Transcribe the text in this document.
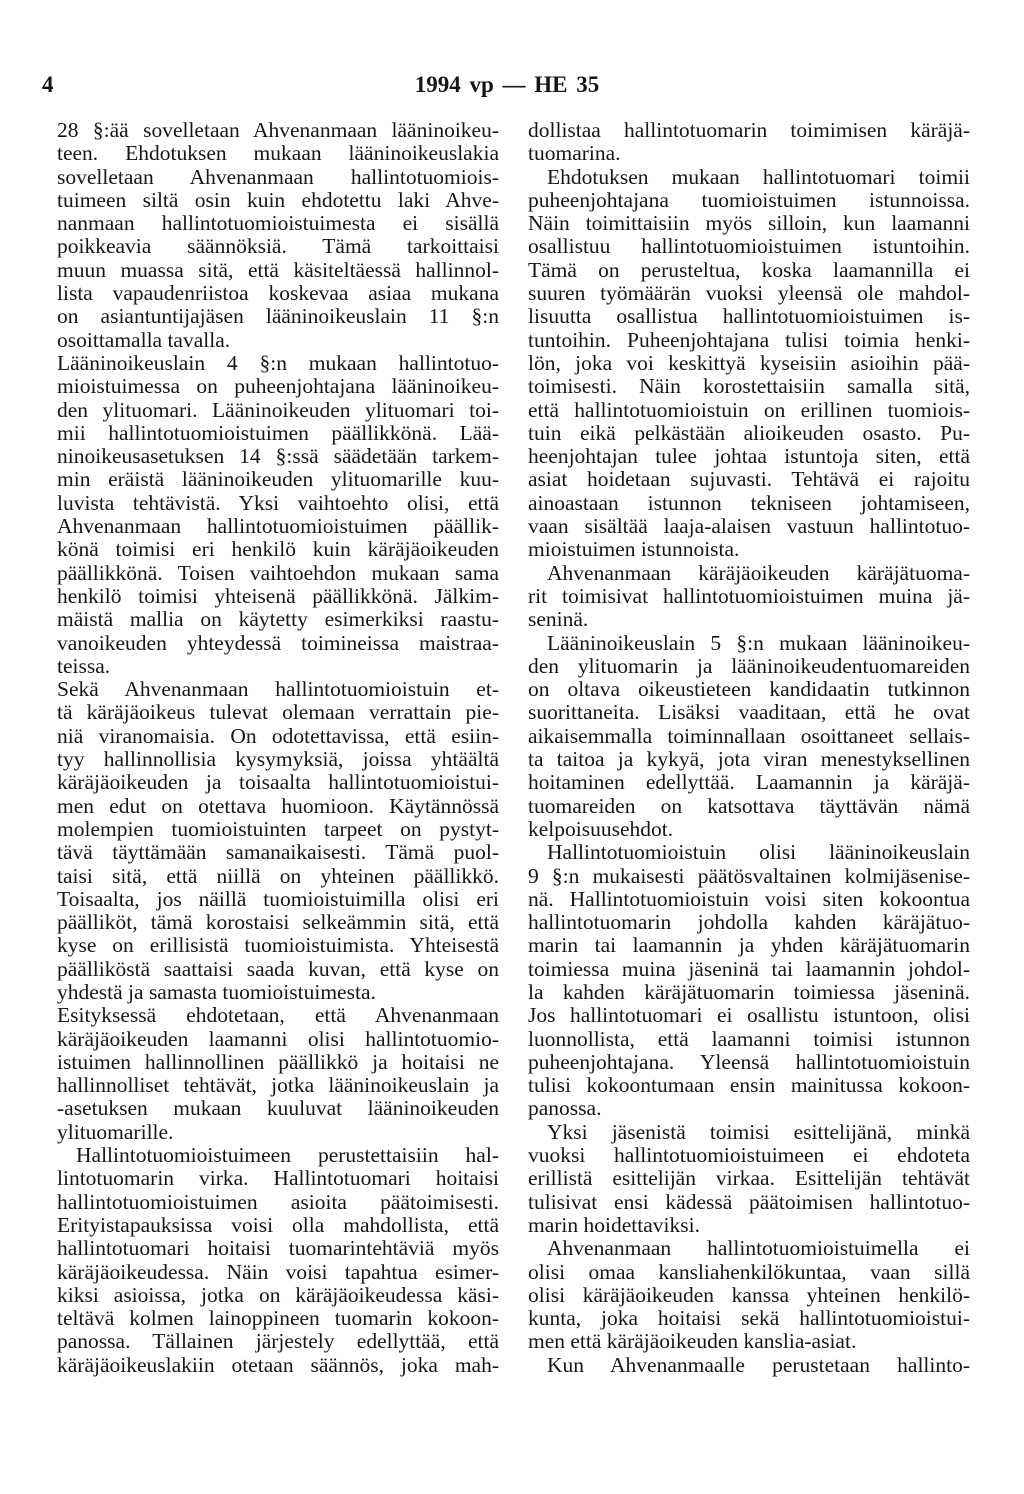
4	1994 vp — HE 35
28 §:ää sovelletaan Ahvenanmaan lääninoikeu-
teen. Ehdotuksen mukaan lääninoikeuslakia
sovelletaan Ahvenanmaan hallintotuomiois-
tuimeen siltä osin kuin ehdotettu laki Ahve-
nanmaan hallintotuomioistuimesta ei sisällä
poikkeavia säännöksiä. Tämä tarkoittaisi
muun muassa sitä, että käsiteltäessä hallinnol-
lista vapaudenriistoa koskevaa asiaa mukana
on asiantuntijajäsen lääninoikeuslain 11 §:n
osoittamalla tavalla.
Lääninoikeuslain 4 §:n mukaan hallintotuo-
mioistuimessa on puheenjohtajana lääninoikeu-
den ylituomari. Lääninoikeuden ylituomari toi-
mii hallintotuomioistuimen päällikkönä. Lää-
ninoikeusasetuksen 14 §:ssä säädetään tarkem-
min eräistä lääninoikeuden ylituomarille kuu-
luvista tehtävistä. Yksi vaihtoehto olisi, että
Ahvenanmaan hallintotuomioistuimen päällik-
könä toimisi eri henkilö kuin käräjäoikeuden
päällikkönä. Toisen vaihtoehdon mukaan sama
henkilö toimisi yhteisenä päällikkönä. Jälkim-
mäistä mallia on käytetty esimerkiksi raastu-
vanoikeuden yhteydessä toimineissa maistraa-
teissa.
Sekä Ahvenanmaan hallintotuomioistuin et-
tä käräjäoikeus tulevat olemaan verrattain pie-
niä viranomaisia. On odotettavissa, että esiin-
tyy hallinnollisia kysymyksiä, joissa yhtäältä
käräjäoikeuden ja toisaalta hallintotuomioistui-
men edut on otettava huomioon. Käytännössä
molempien tuomioistuinten tarpeet on pystyt-
tävä täyttämään samanaikaisesti. Tämä puol-
taisi sitä, että niillä on yhteinen päällikkö.
Toisaalta, jos näillä tuomioistuimilla olisi eri
päälliköt, tämä korostaisi selkeämmin sitä, että
kyse on erillisistä tuomioistuimista. Yhteisestä
päälliköstä saattaisi saada kuvan, että kyse on
yhdestä ja samasta tuomioistuimesta.
Esityksessä ehdotetaan, että Ahvenanmaan
käräjäoikeuden laamanni olisi hallintotuomio-
istuimen hallinnollinen päällikkö ja hoitaisi ne
hallinnolliset tehtävät, jotka lääninoikeuslain ja
-asetuksen mukaan kuuluvat lääninoikeuden
ylituomarille.
Hallintotuomioistuimeen perustettaisiin hal-
lintotuomarin virka. Hallintotuomari hoitaisi
hallintotuomioistuimen asioita päätoimisesti.
Erityistapauksissa voisi olla mahdollista, että
hallintotuomari hoitaisi tuomarintehtäviä myös
käräjäoikeudessa. Näin voisi tapahtua esimer-
kiksi asioissa, jotka on käräjäoikeudessa käsi-
teltävä kolmen lainoppineen tuomarin kokoon-
panossa. Tällainen järjestely edellyttää, että
käräjäoikeuslakiin otetaan säännös, joka mah-
dollistaa hallintotuomarin toimimisen käräjä-
tuomarina.
Ehdotuksen mukaan hallintotuomari toimii
puheenjohtajana tuomioistuimen istunnoissa.
Näin toimittaisiin myös silloin, kun laamanni
osallistuu hallintotuomioistuimen istuntoihin.
Tämä on perusteltua, koska laamannilla ei
suuren työmäärän vuoksi yleensä ole mahdol-
lisuutta osallistua hallintotuomioistuimen is-
tuntoihin. Puheenjohtajana tulisi toimia henki-
lön, joka voi keskittyä kyseisiin asioihin pää-
toimisesti. Näin korostettaisiin samalla sitä,
että hallintotuomioistuin on erillinen tuomiois-
tuin eikä pelkästään alioikeuden osasto. Pu-
heenjohtajan tulee johtaa istuntoja siten, että
asiat hoidetaan sujuvasti. Tehtävä ei rajoitu
ainoastaan istunnon tekniseen johtamiseen,
vaan sisältää laaja-alaisen vastuun hallintotuo-
mioistuimen istunnoista.
Ahvenanmaan käräjäoikeuden käräjätuoma-
rit toimisivat hallintotuomioistuimen muina jä-
seninä.
Lääninoikeuslain 5 §:n mukaan lääninoikeu-
den ylituomarin ja lääninoikeudentuomareiden
on oltava oikeustieteen kandidaatin tutkinnon
suorittaneita. Lisäksi vaaditaan, että he ovat
aikaisemmalla toiminnallaan osoittaneet sellais-
ta taitoa ja kykyä, jota viran menestyksellinen
hoitaminen edellyttää. Laamannin ja käräjä-
tuomareiden on katsottava täyttävän nämä
kelpoisuusehdot.
Hallintotuomioistuin olisi lääninoikeuslain
9 §:n mukaisesti päätösvaltainen kolmijäsenise-
nä. Hallintotuomioistuin voisi siten kokoontua
hallintotuomarin johdolla kahden käräjätuo-
marin tai laamannin ja yhden käräjätuomarin
toimiessa muina jäseninä tai laamannin johdol-
la kahden käräjätuomarin toimiessa jäseninä.
Jos hallintotuomari ei osallistu istuntoon, olisi
luonnollista, että laamanni toimisi istunnon
puheenjohtajana. Yleensä hallintotuomioistuin
tulisi kokoontumaan ensin mainitussa kokoon-
panossa.
Yksi jäsenistä toimisi esittelijänä, minkä
vuoksi hallintotuomioistuimeen ei ehdoteta
erillistä esittelijän virkaa. Esittelijän tehtävät
tulisivat ensi kädessä päätoimisen hallintotuo-
marin hoidettaviksi.
Ahvenanmaan hallintotuomioistuimella ei
olisi omaa kansliahenkilökuntaa, vaan sillä
olisi käräjäoikeuden kanssa yhteinen henkilö-
kunta, joka hoitaisi sekä hallintotuomioistui-
men että käräjäoikeuden kanslia-asiat.
Kun Ahvenanmaalle perustetaan hallinto-
